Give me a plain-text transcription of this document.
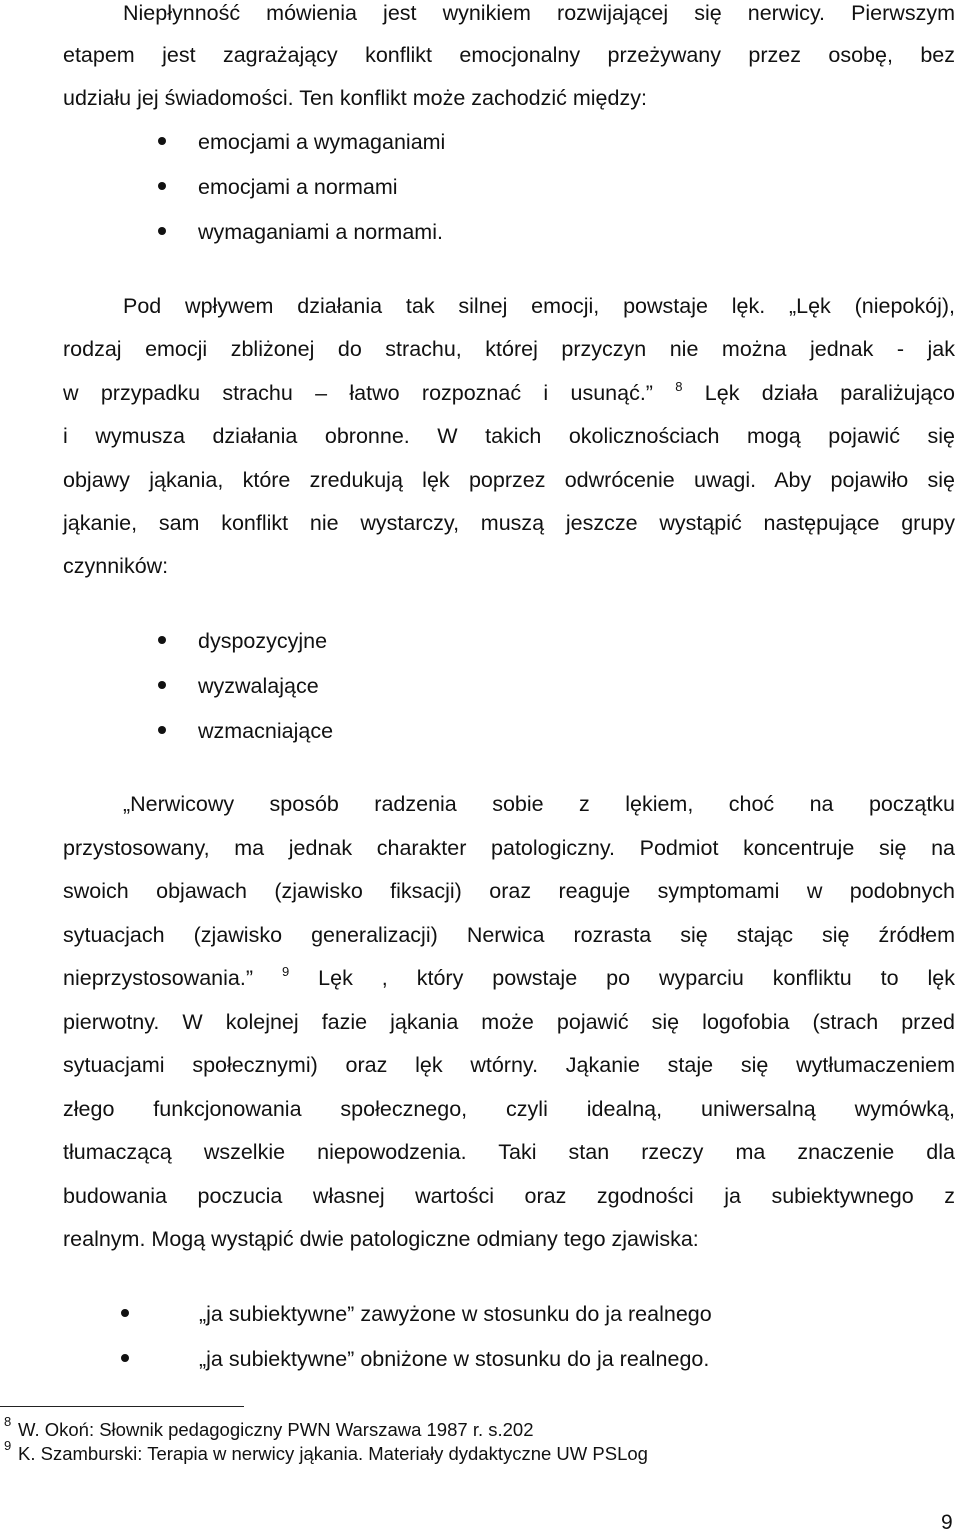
Niepłynność mówienia jest wynikiem rozwijającej się nerwicy. Pierwszym
etapem jest zagrażający konflikt emocjonalny przeżywany przez osobę, bez
udziału jej świadomości. Ten konflikt może zachodzić między:
emocjami a wymaganiami
emocjami a normami
wymaganiami a normami.
Pod wpływem działania tak silnej emocji, powstaje lęk. „Lęk (niepokój),
rodzaj emocji zbliżonej do strachu, której przyczyn nie można jednak - jak
w przypadku strachu – łatwo rozpoznać i usunąć.” $^8$ Lęk działa paraliżująco
i wymusza działania obronne. W takich okolicznościach mogą pojawić się
objawy jąkania, które zredukują lęk poprzez odwrócenie uwagi. Aby pojawiło się
jąkanie, sam konflikt nie wystarczy, muszą jeszcze wystąpić następujące grupy
czynników:
dyspozycyjne
wyzwalające
wzmacniające
„Nerwicowy sposób radzenia sobie z lękiem, choć na początku
przystosowany, ma jednak charakter patologiczny. Podmiot koncentruje się na
swoich objawach (zjawisko fiksacji) oraz reaguje symptomami w podobnych
sytuacjach (zjawisko generalizacji) Nerwica rozrasta się stając się źródłem
nieprzystosowania.” $^9$ Lęk , który powstaje po wyparciu konfliktu to lęk
pierwotny. W kolejnej fazie jąkania może pojawić się logofobia (strach przed
sytuacjami społecznymi) oraz lęk wtórny. Jąkanie staje się wytłumaczeniem
złego funkcjonowania społecznego, czyli idealną, uniwersalną wymówką,
tłumaczącą wszelkie niepowodzenia. Taki stan rzeczy ma znaczenie dla
budowania poczucia własnej wartości oraz zgodności ja subiektywnego z
realnym. Mogą wystąpić dwie patologiczne odmiany tego zjawiska:
„ja subiektywne” zawyżone w stosunku do ja realnego
„ja subiektywne” obniżone w stosunku do ja realnego.
8 W. Okoń: Słownik pedagogiczny PWN Warszawa 1987 r. s.202
9 K. Szamburski: Terapia w nerwicy jąkania. Materiały dydaktyczne UW PSLog
9
